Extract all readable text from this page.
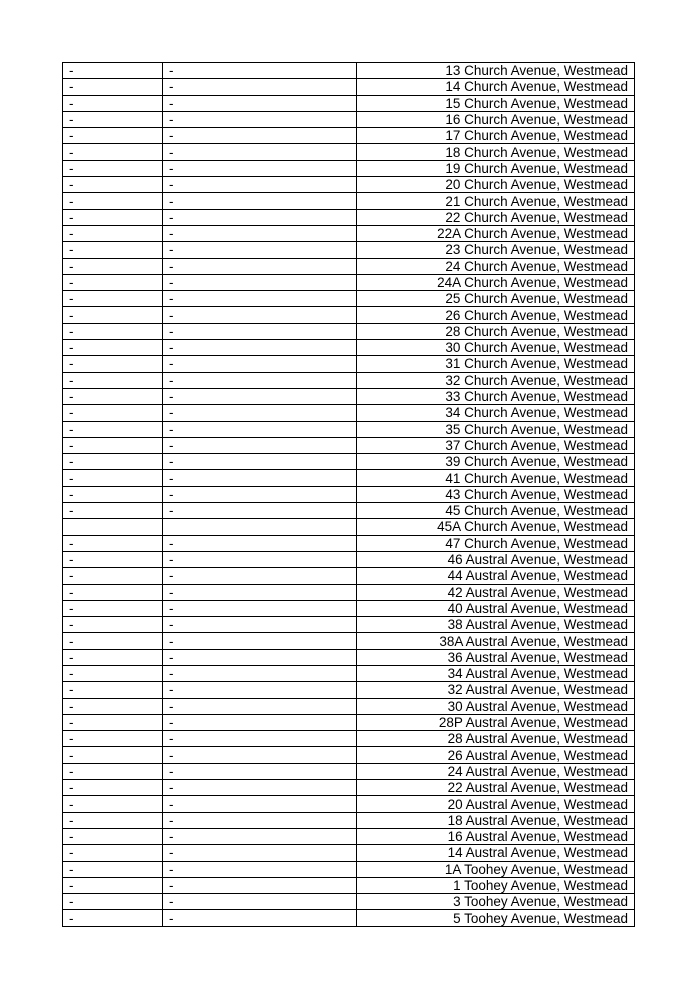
-	-	13 Church Avenue, Westmead
-	-	14 Church Avenue, Westmead
-	-	15 Church Avenue, Westmead
-	-	16 Church Avenue, Westmead
-	-	17 Church Avenue, Westmead
-	-	18 Church Avenue, Westmead
-	-	19 Church Avenue, Westmead
-	-	20 Church Avenue, Westmead
-	-	21 Church Avenue, Westmead
-	-	22 Church Avenue, Westmead
-	-	22A Church Avenue, Westmead
-	-	23 Church Avenue, Westmead
-	-	24 Church Avenue, Westmead
-	-	24A Church Avenue, Westmead
-	-	25 Church Avenue, Westmead
-	-	26 Church Avenue, Westmead
-	-	28 Church Avenue, Westmead
-	-	30 Church Avenue, Westmead
-	-	31 Church Avenue, Westmead
-	-	32 Church Avenue, Westmead
-	-	33 Church Avenue, Westmead
-	-	34 Church Avenue, Westmead
-	-	35 Church Avenue, Westmead
-	-	37 Church Avenue, Westmead
-	-	39 Church Avenue, Westmead
-	-	41 Church Avenue, Westmead
-	-	43 Church Avenue, Westmead
-	-	45 Church Avenue, Westmead
		45A Church Avenue, Westmead
-	-	47 Church Avenue, Westmead
-	-	46 Austral Avenue, Westmead
-	-	44 Austral Avenue, Westmead
-	-	42 Austral Avenue, Westmead
-	-	40 Austral Avenue, Westmead
-	-	38 Austral Avenue, Westmead
-	-	38A Austral Avenue, Westmead
-	-	36 Austral Avenue, Westmead
-	-	34 Austral Avenue, Westmead
-	-	32 Austral Avenue, Westmead
-	-	30 Austral Avenue, Westmead
-	-	28P Austral Avenue, Westmead
-	-	28 Austral Avenue, Westmead
-	-	26 Austral Avenue, Westmead
-	-	24 Austral Avenue, Westmead
-	-	22 Austral Avenue, Westmead
-	-	20 Austral Avenue, Westmead
-	-	18 Austral Avenue, Westmead
-	-	16 Austral Avenue, Westmead
-	-	14 Austral Avenue, Westmead
-	-	1A Toohey Avenue, Westmead
-	-	1 Toohey Avenue, Westmead
-	-	3 Toohey Avenue, Westmead
-	-	5 Toohey Avenue, Westmead
